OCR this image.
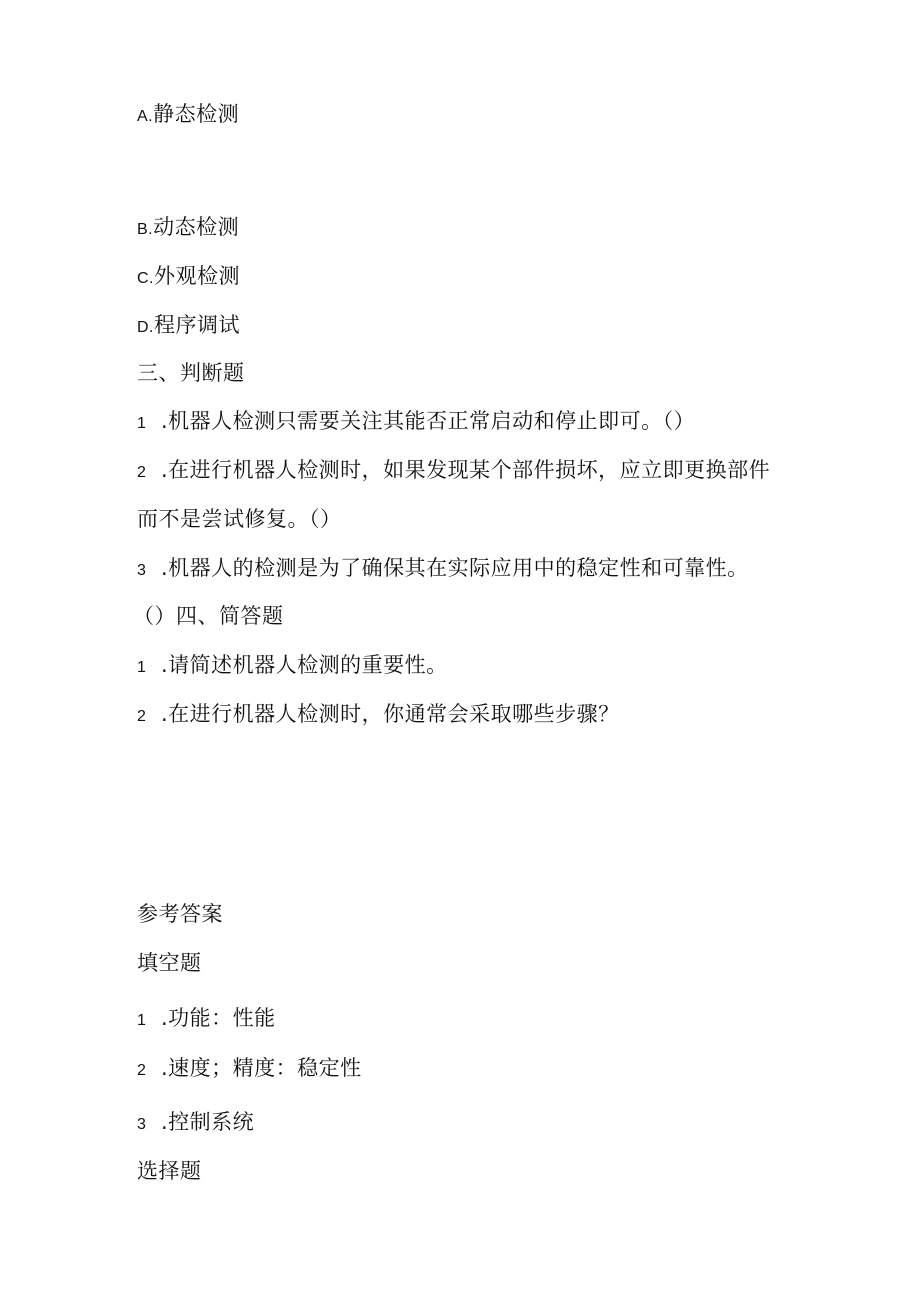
A.静态检测
B.动态检测
C.外观检测
D.程序调试
三、判断题
1 .机器人检测只需要关注其能否正常启动和停止即可。（）
2 .在进行机器人检测时，如果发现某个部件损坏，应立即更换部件
而不是尝试修复。（）
3 .机器人的检测是为了确保其在实际应用中的稳定性和可靠性。
（）四、简答题
1 .请简述机器人检测的重要性。
2 .在进行机器人检测时，你通常会采取哪些步骤？
参考答案
填空题
1 .功能：性能
2 .速度；精度：稳定性
3 .控制系统
选择题
